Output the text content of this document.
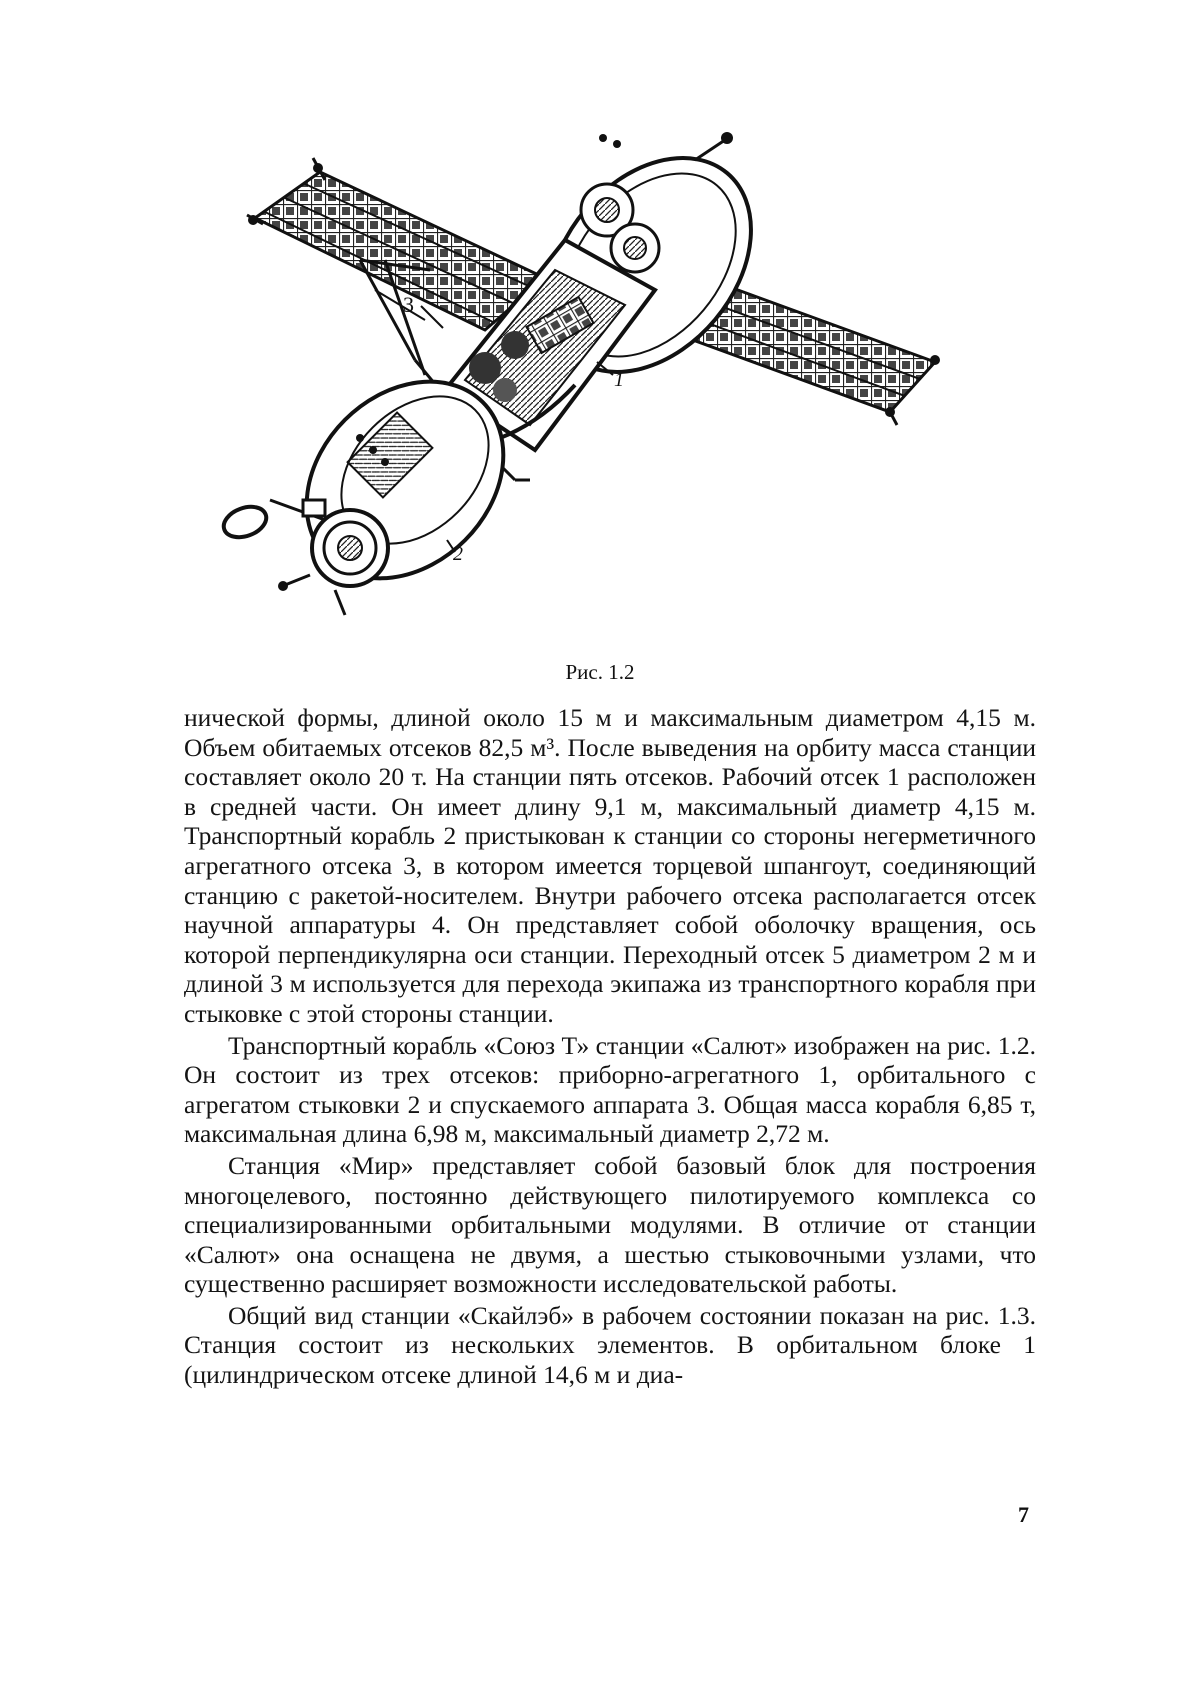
3
1
2
Рис. 1.2

нической формы, длиной около 15 м и максимальным диаметром 4,15 м. Объем обитаемых отсеков 82,5 м³. После выведения на орбиту масса станции составляет около 20 т. На станции пять отсеков. Рабочий отсек 1 расположен в средней части. Он имеет длину 9,1 м, максимальный диаметр 4,15 м. Транспортный корабль 2 пристыкован к станции со стороны негерметичного агрегатного отсека 3, в котором имеется торцевой шпангоут, соединяющий станцию с ракетой-носителем. Внутри рабочего отсека располагается отсек научной аппаратуры 4. Он представляет собой оболочку вращения, ось которой перпендикулярна оси станции. Переходный отсек 5 диаметром 2 м и длиной 3 м используется для перехода экипажа из транспортного корабля при стыковке с этой стороны станции.

Транспортный корабль «Союз Т» станции «Салют» изображен на рис. 1.2. Он состоит из трех отсеков: приборно-агрегатного 1, орбитального с агрегатом стыковки 2 и спускаемого аппарата 3. Общая масса корабля 6,85 т, максимальная длина 6,98 м, максимальный диаметр 2,72 м.

Станция «Мир» представляет собой базовый блок для построения многоцелевого, постоянно действующего пилотируемого комплекса со специализированными орбитальными модулями. В отличие от станции «Салют» она оснащена не двумя, а шестью стыковочными узлами, что существенно расширяет возможности исследовательской работы.

Общий вид станции «Скайлэб» в рабочем состоянии показан на рис. 1.3. Станция состоит из нескольких элементов. В орбитальном блоке 1 (цилиндрическом отсеке длиной 14,6 м и диа-

7
